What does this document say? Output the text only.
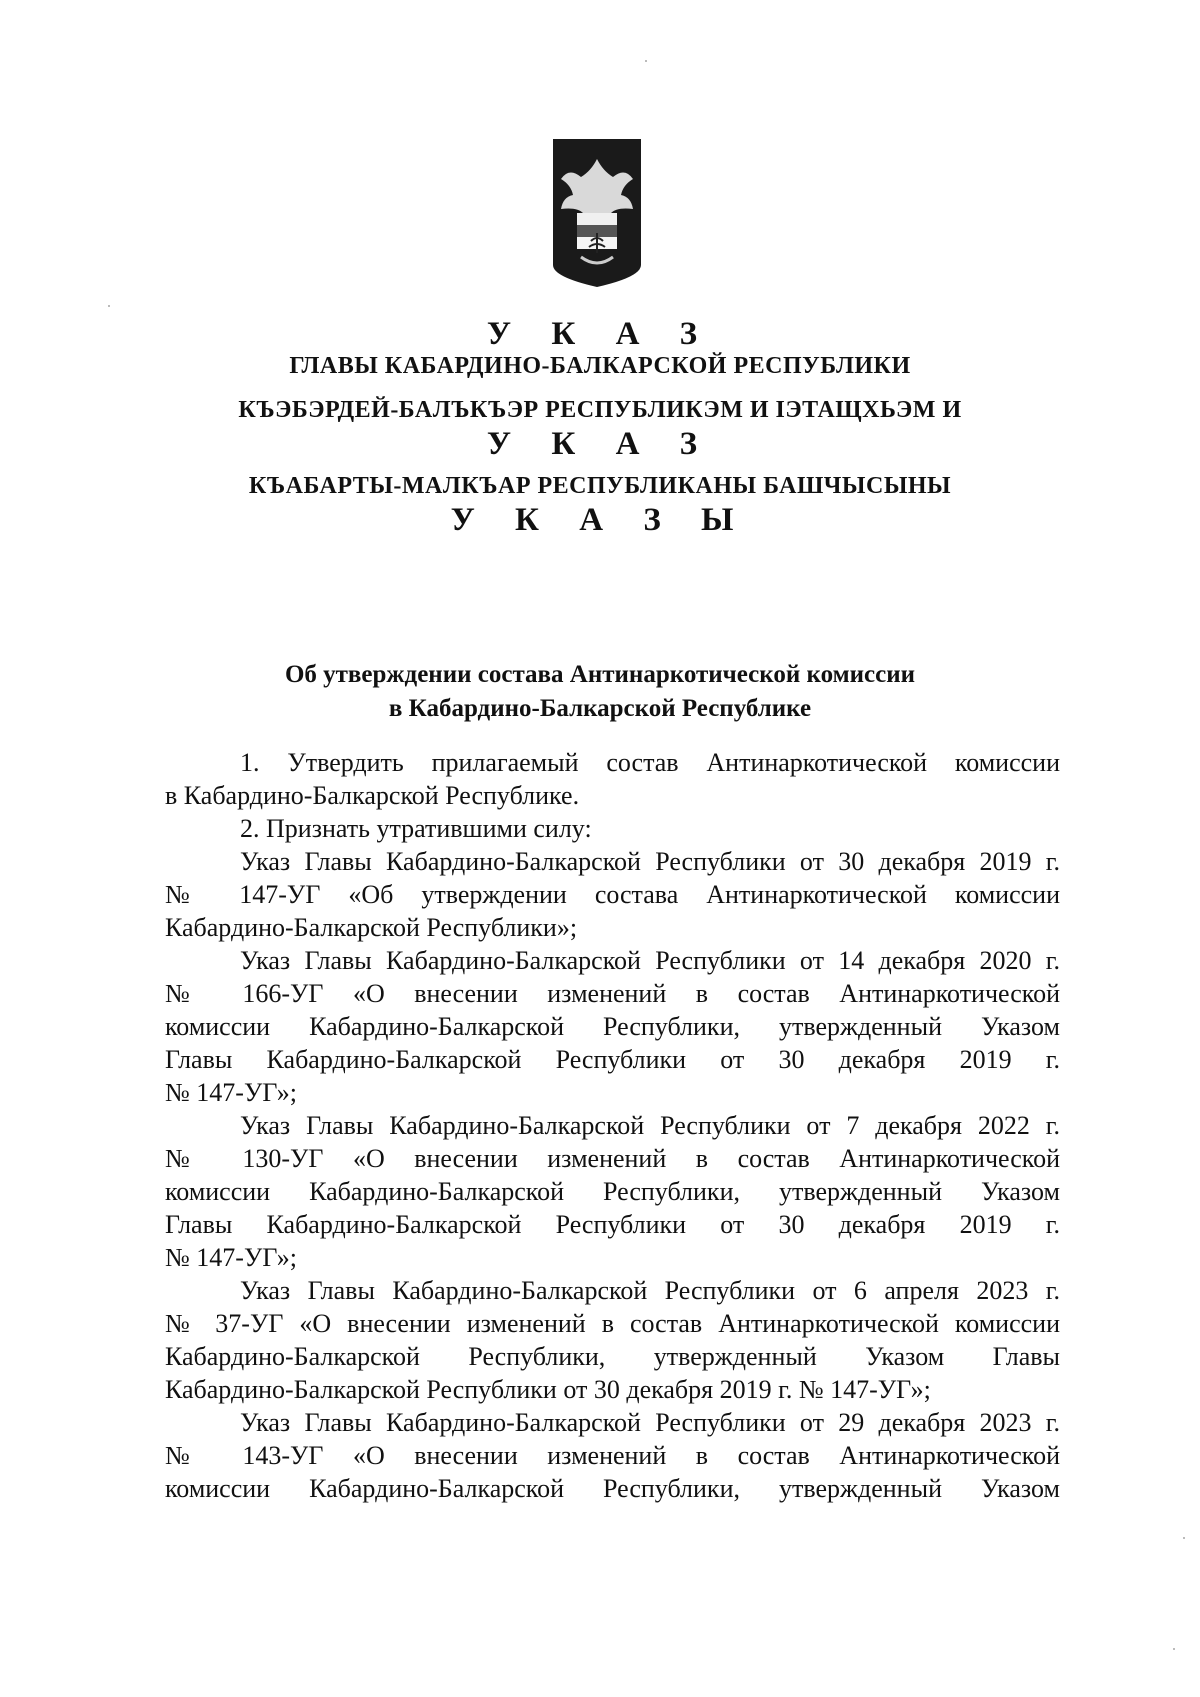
У К А З
ГЛАВЫ КАБАРДИНО-БАЛКАРСКОЙ РЕСПУБЛИКИ
КЪЭБЭРДЕЙ-БАЛЪКЪЭР РЕСПУБЛИКЭМ И ІЭТАЩХЬЭМ И
У К А З
КЪАБАРТЫ-МАЛКЪАР РЕСПУБЛИКАНЫ БАШЧЫСЫНЫ
У К А З Ы
Об утверждении состава Антинаркотической комиссии
в Кабардино-Балкарской Республике

1. Утвердить прилагаемый состав Антинаркотической комиссии

в Кабардино-Балкарской Республике.

2. Признать утратившими силу:

Указ Главы Кабардино-Балкарской Республики от 30 декабря 2019 г.

№ 147-УГ «Об утверждении состава Антинаркотической комиссии

Кабардино-Балкарской Республики»;

Указ Главы Кабардино-Балкарской Республики от 14 декабря 2020 г.

№ 166-УГ «О внесении изменений в состав Антинаркотической

комиссии Кабардино-Балкарской Республики, утвержденный Указом

Главы Кабардино-Балкарской Республики от 30 декабря 2019 г.

№ 147-УГ»;

Указ Главы Кабардино-Балкарской Республики от 7 декабря 2022 г.

№ 130-УГ «О внесении изменений в состав Антинаркотической

комиссии Кабардино-Балкарской Республики, утвержденный Указом

Главы Кабардино-Балкарской Республики от 30 декабря 2019 г.

№ 147-УГ»;

Указ Главы Кабардино-Балкарской Республики от 6 апреля 2023 г.

№ 37-УГ «О внесении изменений в состав Антинаркотической комиссии

Кабардино-Балкарской Республики, утвержденный Указом Главы

Кабардино-Балкарской Республики от 30 декабря 2019 г. № 147-УГ»;

Указ Главы Кабардино-Балкарской Республики от 29 декабря 2023 г.

№ 143-УГ «О внесении изменений в состав Антинаркотической

комиссии Кабардино-Балкарской Республики, утвержденный Указом
